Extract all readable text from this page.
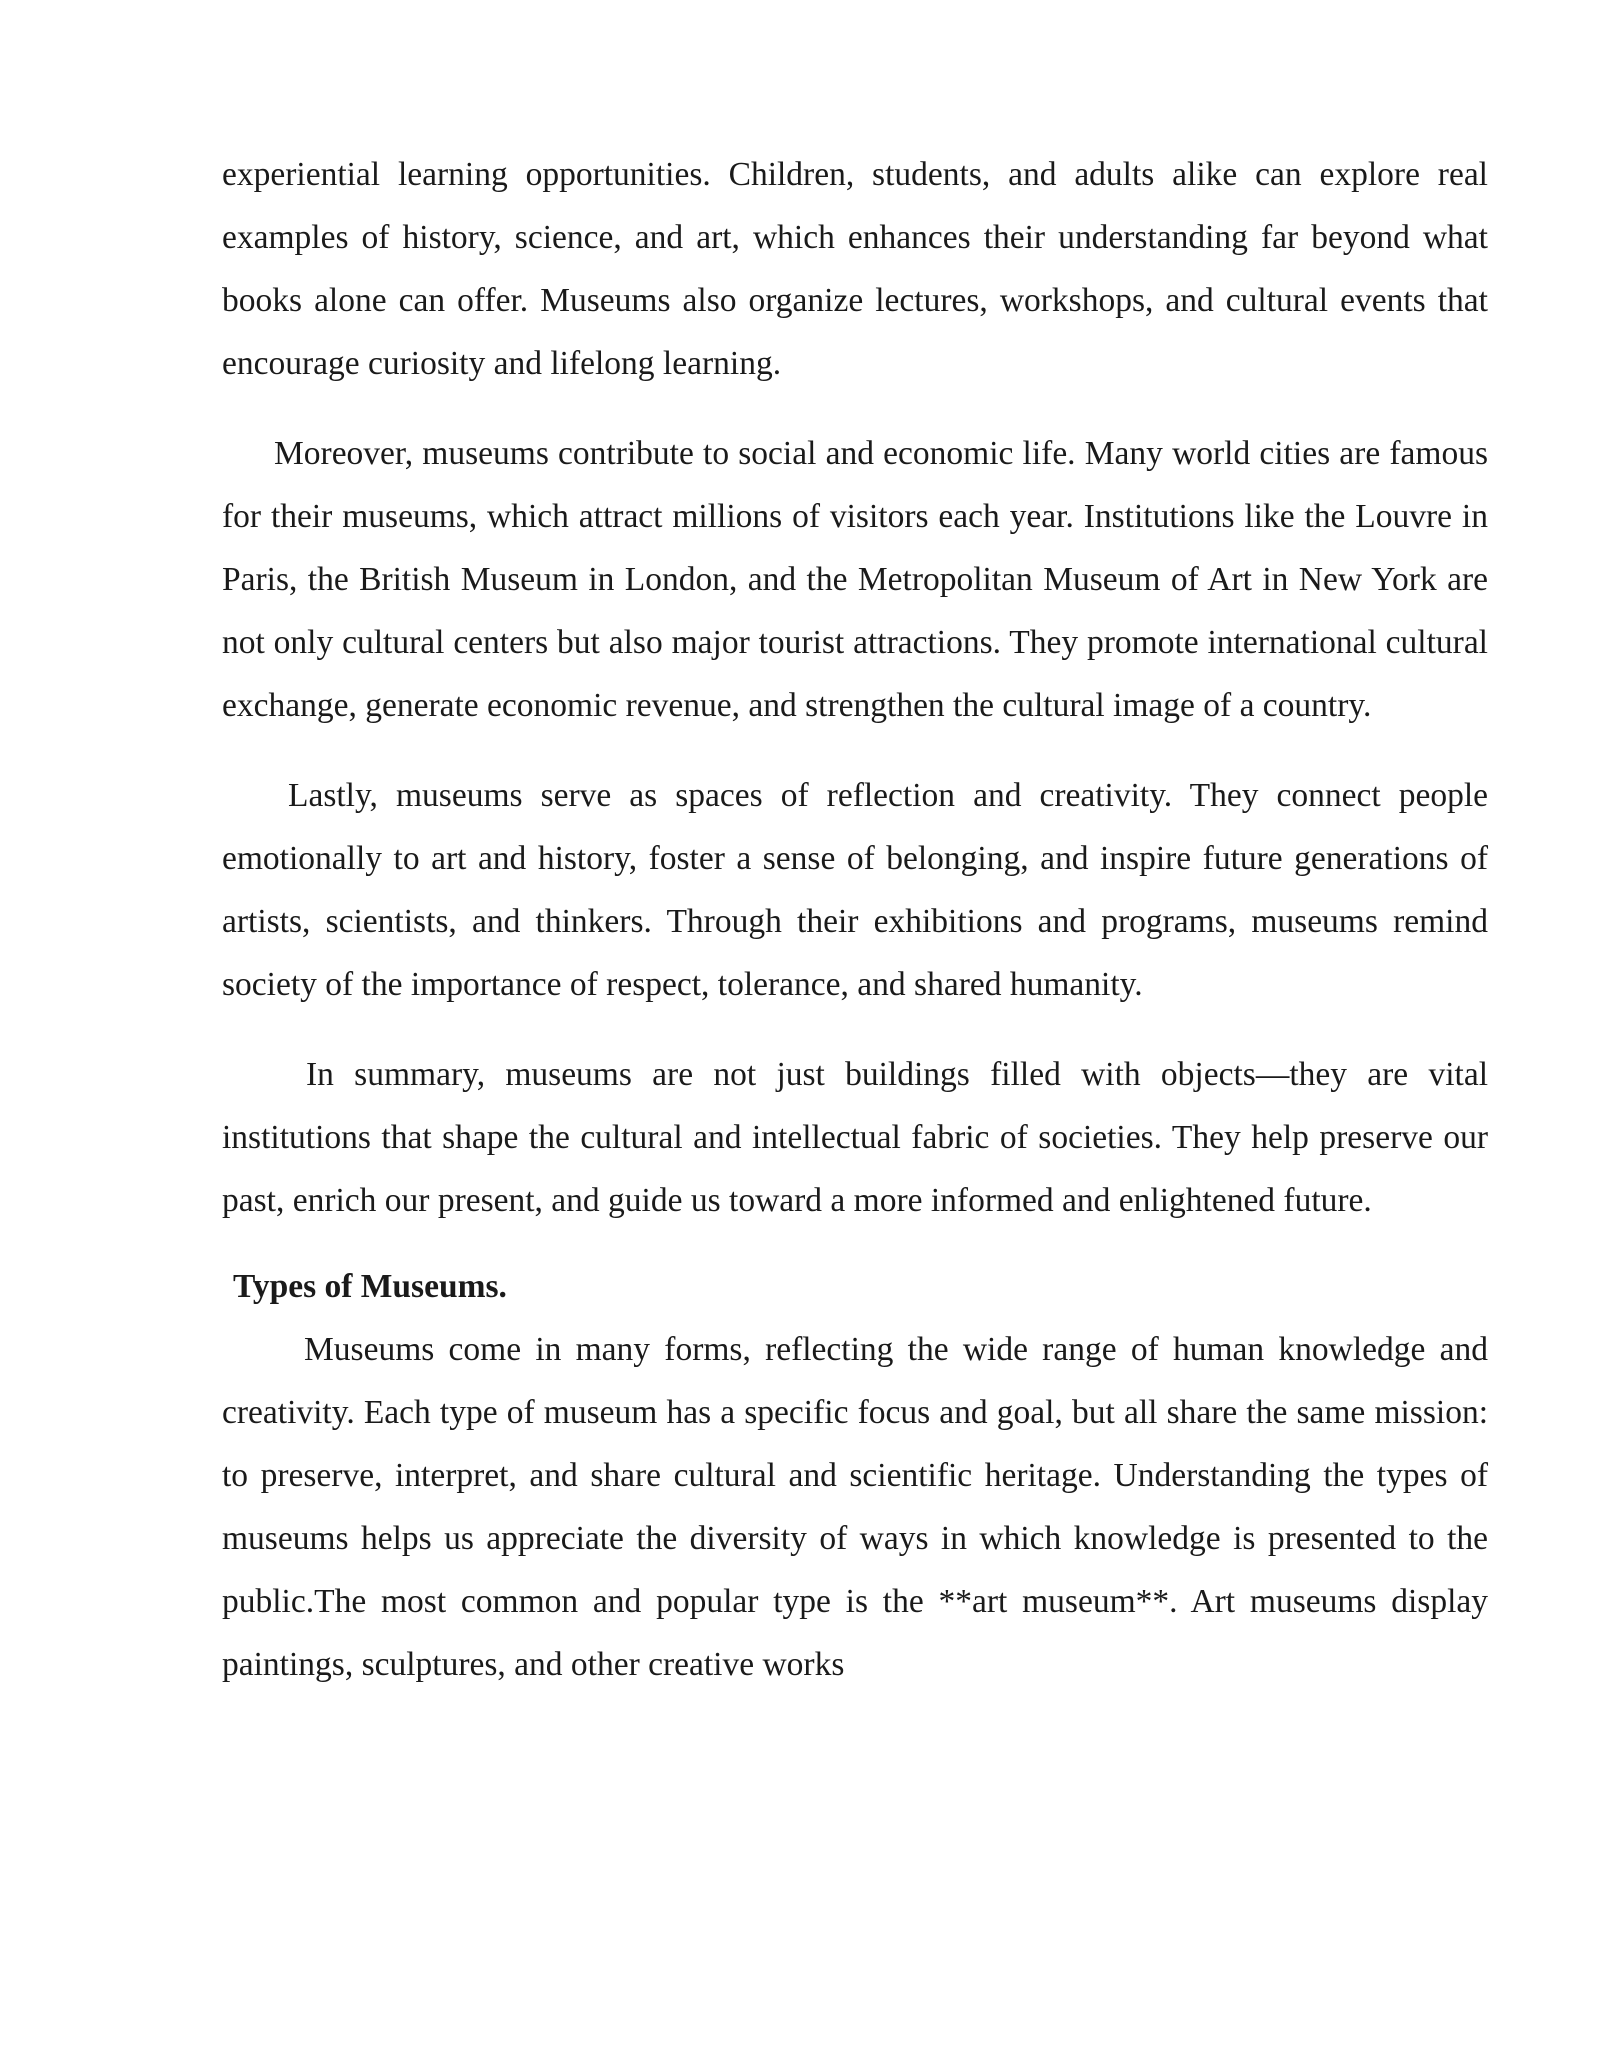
experiential learning opportunities. Children, students, and adults alike can explore real examples of history, science, and art, which enhances their understanding far beyond what books alone can offer. Museums also organize lectures, workshops, and cultural events that encourage curiosity and lifelong learning.

Moreover, museums contribute to social and economic life. Many world cities are famous for their museums, which attract millions of visitors each year. Institutions like the Louvre in Paris, the British Museum in London, and the Metropolitan Museum of Art in New York are not only cultural centers but also major tourist attractions. They promote international cultural exchange, generate economic revenue, and strengthen the cultural image of a country.

Lastly, museums serve as spaces of reflection and creativity. They connect people emotionally to art and history, foster a sense of belonging, and inspire future generations of artists, scientists, and thinkers. Through their exhibitions and programs, museums remind society of the importance of respect, tolerance, and shared humanity.

In summary, museums are not just buildings filled with objects—they are vital institutions that shape the cultural and intellectual fabric of societies. They help preserve our past, enrich our present, and guide us toward a more informed and enlightened future.

Types of Museums.

Museums come in many forms, reflecting the wide range of human knowledge and creativity. Each type of museum has a specific focus and goal, but all share the same mission: to preserve, interpret, and share cultural and scientific heritage. Understanding the types of museums helps us appreciate the diversity of ways in which knowledge is presented to the public.The most common and popular type is the **art museum**. Art museums display paintings, sculptures, and other creative works
